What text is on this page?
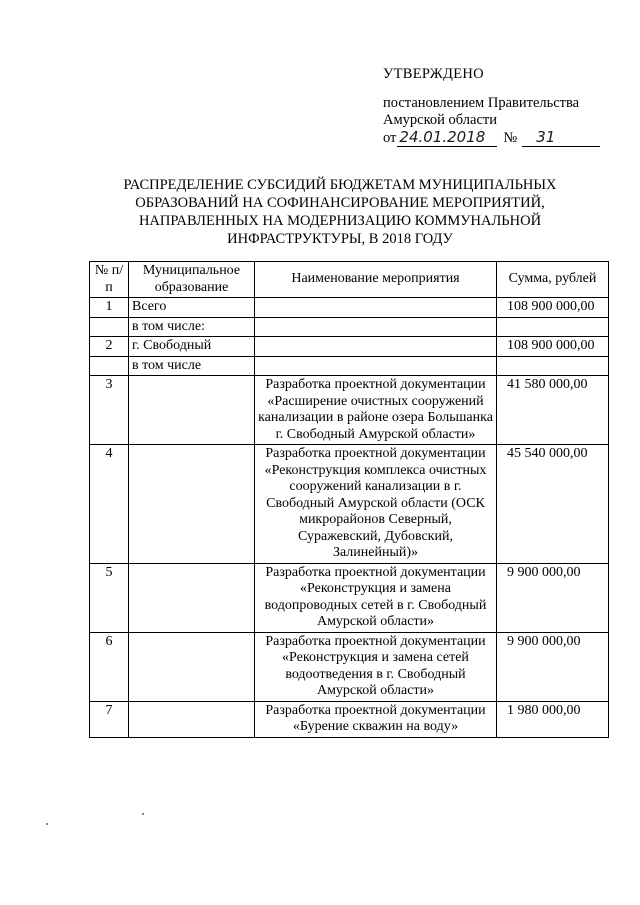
УТВЕРЖДЕНО
постановлением Правительства
Амурской области
от 24.01.2018	№	31
РАСПРЕДЕЛЕНИЕ СУБСИДИЙ БЮДЖЕТАМ МУНИЦИПАЛЬНЫХ ОБРАЗОВАНИЙ НА СОФИНАНСИРОВАНИЕ МЕРОПРИЯТИЙ, НАПРАВЛЕННЫХ НА МОДЕРНИЗАЦИЮ КОММУНАЛЬНОЙ ИНФРАСТРУКТУРЫ, В 2018 ГОДУ
№ п/п	Муниципальное образование	Наименование мероприятия	Сумма, рублей
1	Всего		108 900 000,00
	в том числе:		
2	г. Свободный		108 900 000,00
	в том числе		
3		Разработка проектной документации «Расширение очистных сооружений канализации в районе озера Большанка г. Свободный Амурской области»	41 580 000,00
4		Разработка проектной документации «Реконструкция комплекса очистных сооружений канализации в г. Свободный Амурской области (ОСК микрорайонов Северный, Суражевский, Дубовский, Залинейный)»	45 540 000,00
5		Разработка проектной документации «Реконструкция и замена водопроводных сетей в г. Свободный Амурской области»	9 900 000,00
6		Разработка проектной документации «Реконструкция и замена сетей водоотведения в г. Свободный Амурской области»	9 900 000,00
7		Разработка проектной документации «Бурение скважин на воду»	1 980 000,00
